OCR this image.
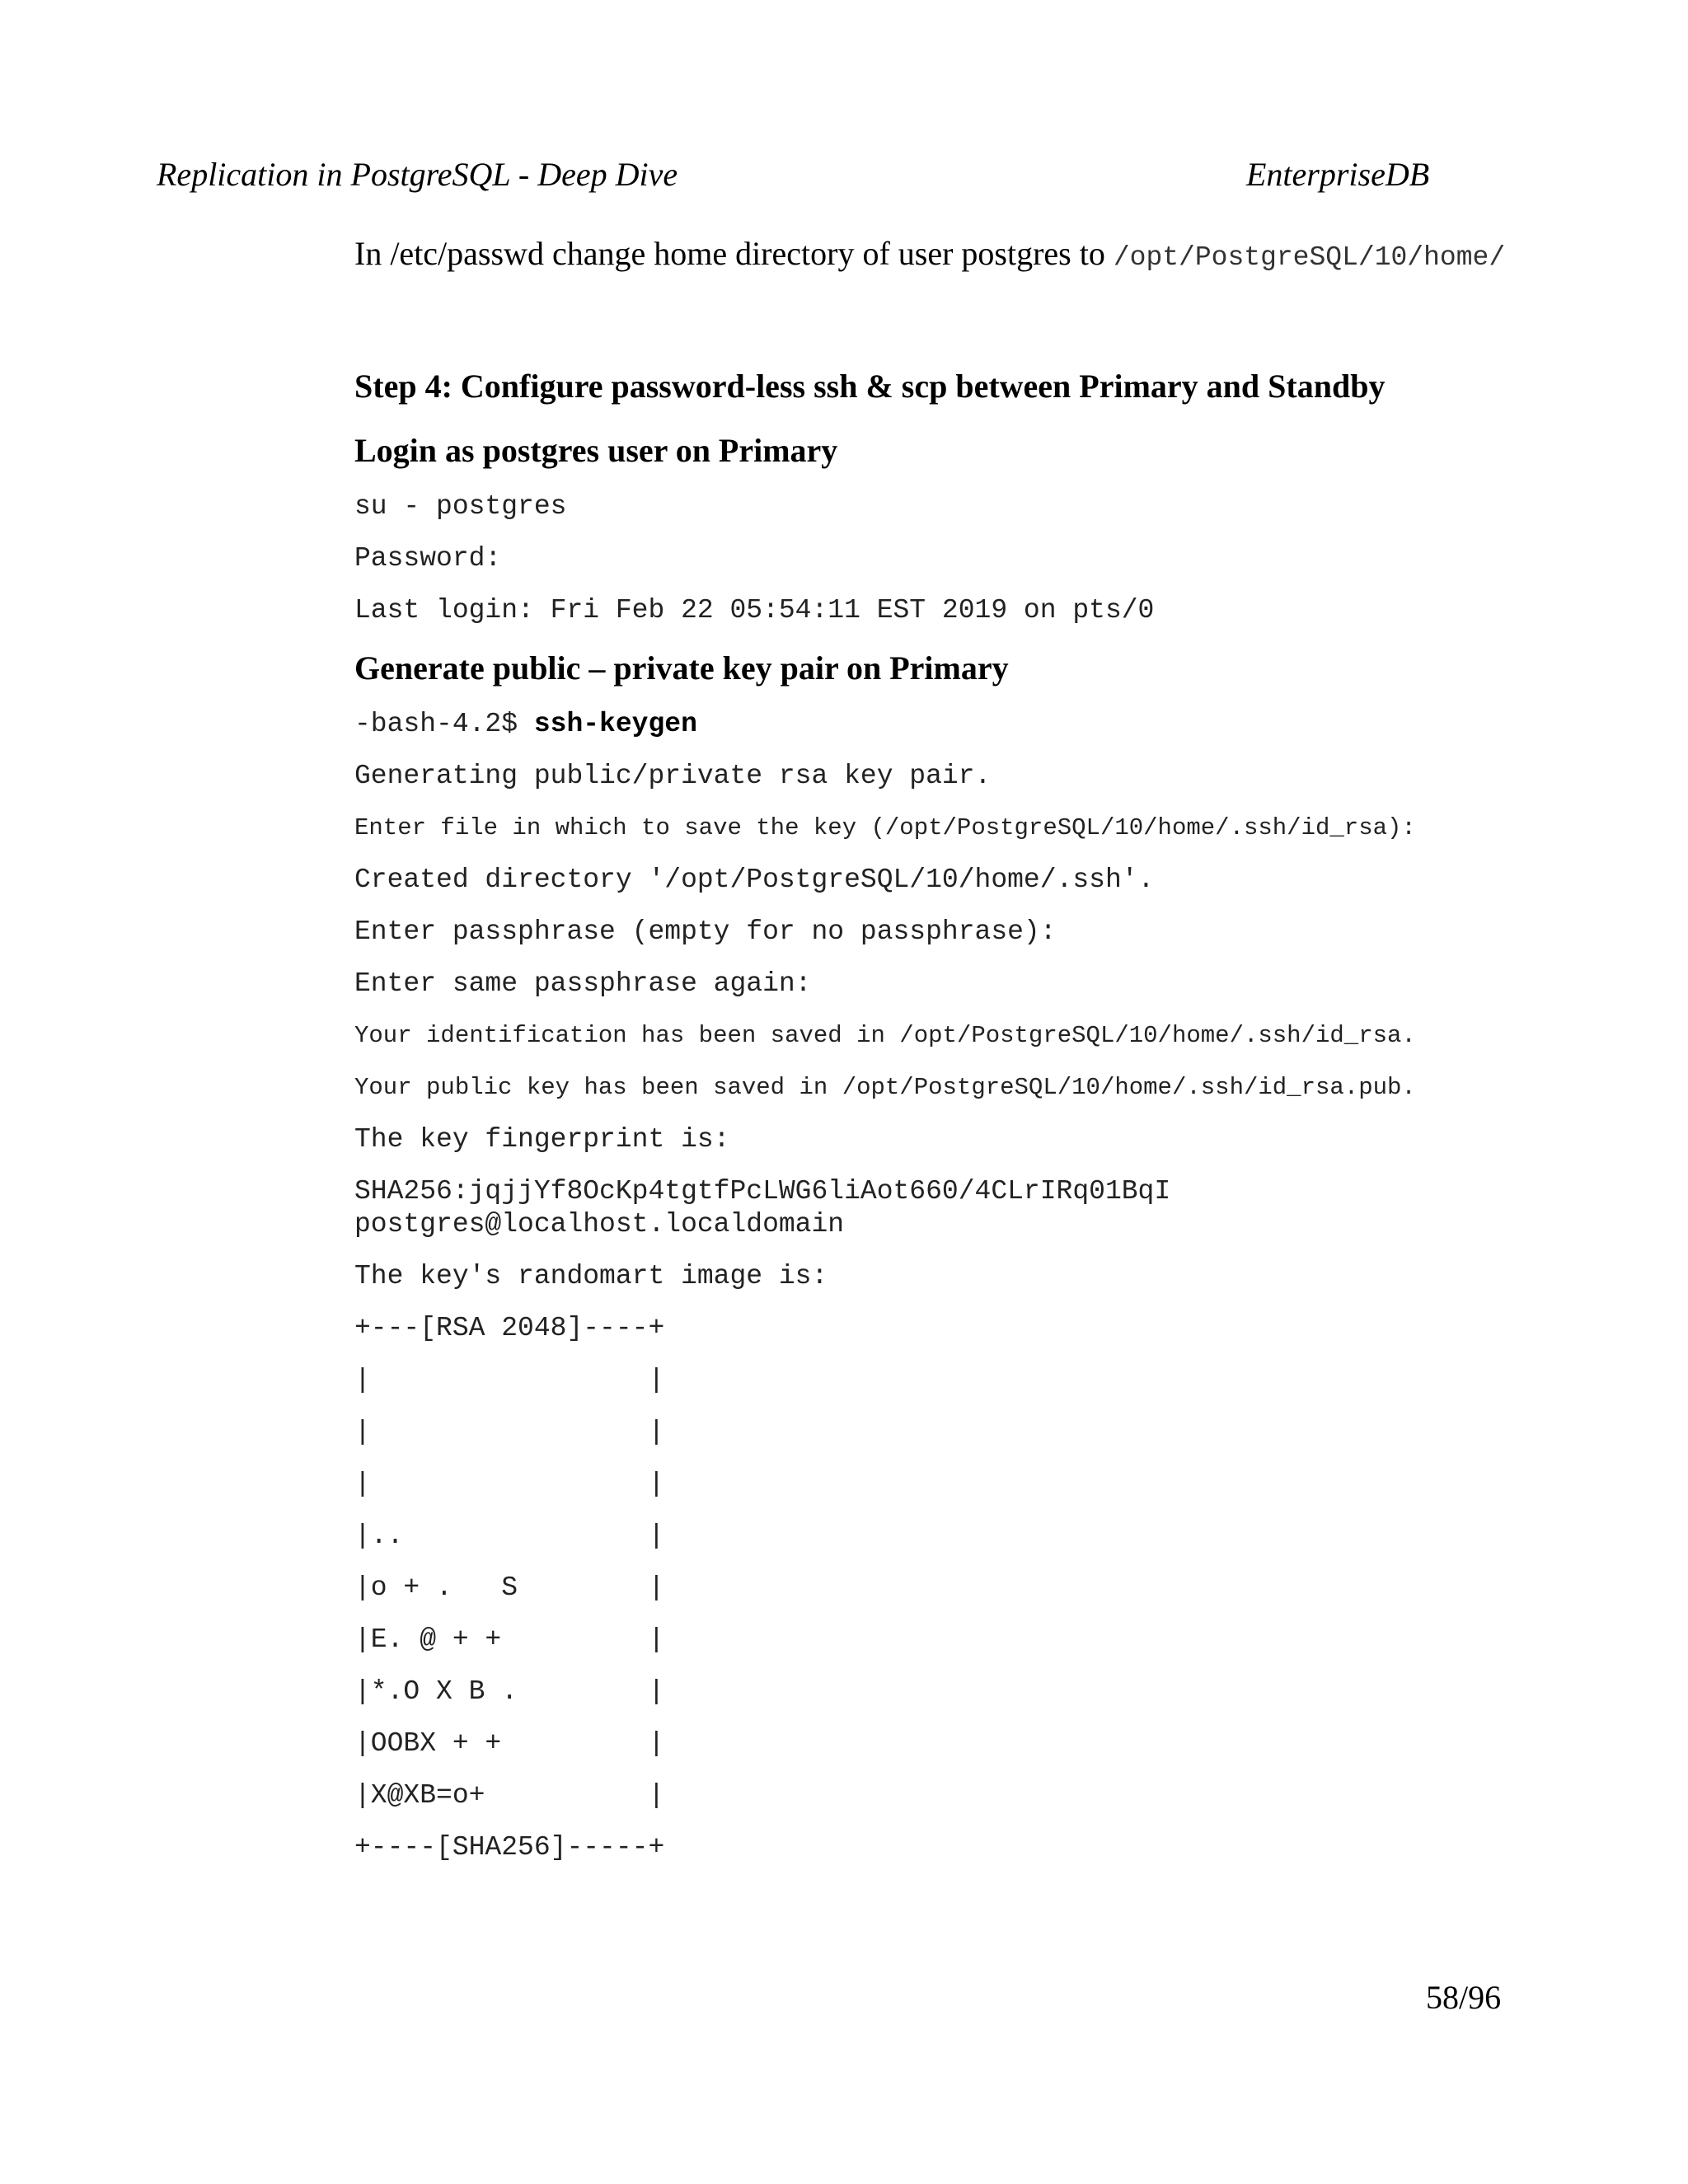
Replication in PostgreSQL - Deep Dive	EnterpriseDB

In /etc/passwd change home directory of user postgres to /opt/PostgreSQL/10/home/

Step 4: Configure password-less ssh & scp between Primary and Standby
Login as postgres user on Primary

su - postgres

Password:

Last login: Fri Feb 22 05:54:11 EST 2019 on pts/0

Generate public – private key pair on Primary

-bash-4.2$ ssh-keygen

Generating public/private rsa key pair.

Enter file in which to save the key (/opt/PostgreSQL/10/home/.ssh/id_rsa):

Created directory '/opt/PostgreSQL/10/home/.ssh'.

Enter passphrase (empty for no passphrase):

Enter same passphrase again:

Your identification has been saved in /opt/PostgreSQL/10/home/.ssh/id_rsa.

Your public key has been saved in /opt/PostgreSQL/10/home/.ssh/id_rsa.pub.

The key fingerprint is:

SHA256:jqjjYf8OcKp4tgtfPcLWG6liAot660/4CLrIRq01BqI

postgres@localhost.localdomain

The key's randomart image is:

+---[RSA 2048]----+

|                 |

|                 |

|                 |

|..               |

|o + .   S        |

|E. @ + +         |

|*.O X B .        |

|OOBX + +         |

|X@XB=o+          |

+----[SHA256]-----+

58/96
